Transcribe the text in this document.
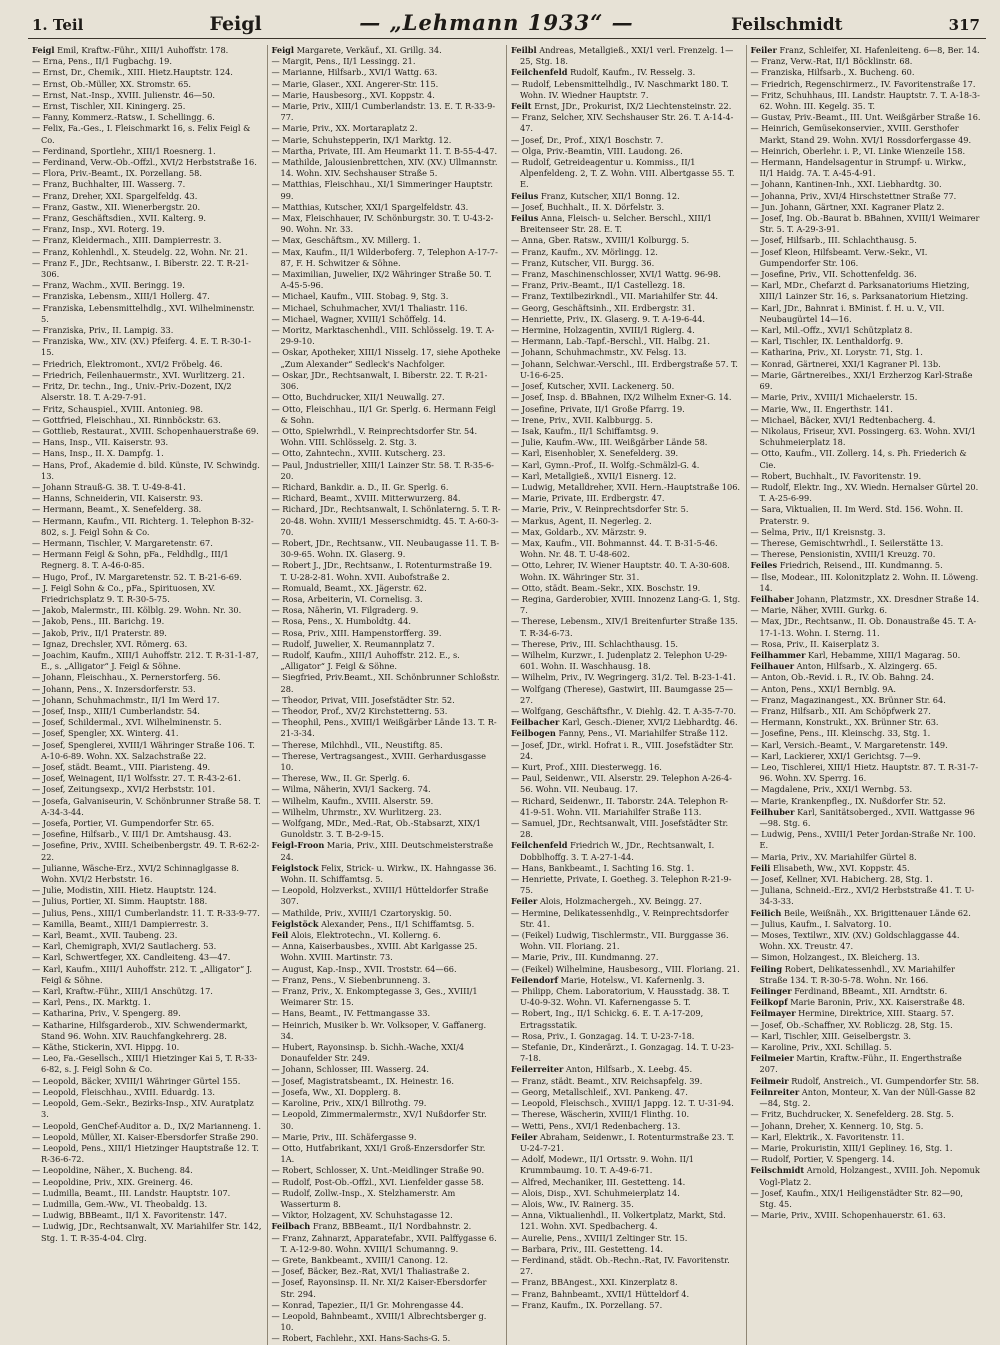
1. Teil	Feigl	— „Lehmann 1933“ —	Feilschmidt	317

Feigl Emil, Kraftw.-Führ., XIII/1 Auhoffstr. 178.

— Erna, Pens., II/1 Fugbachg. 19.

— Ernst, Dr., Chemik., XIII. Hietz.Hauptstr. 124.

— Ernst, Ob.-Müller, XX. Stromstr. 65.

— Ernst, Nat.-Insp., XVIII. Julienstr. 46—50.

— Ernst, Tischler, XII. Kiningerg. 25.

— Fanny, Kommerz.-Ratsw., I. Schellingg. 6.

— Felix, Fa.-Ges., I. Fleischmarkt 16, s. Felix Feigl & Co.

— Ferdinand, Sportlehr., XIII/1 Roesnerg. 1.

— Ferdinand, Verw.-Ob.-Offzl., XVI/2 Herbststraße 16.

— Flora, Priv.-Beamt., IX. Porzellang. 58.

— Franz, Buchhalter, III. Wasserg. 7.

— Franz, Dreher, XXI. Spargelfeldg. 43.

— Franz, Gastw., XII. Wienerbergstr. 20.

— Franz, Geschäftsdien., XVII. Kalterg. 9.

— Franz, Insp., XVI. Roterg. 19.

— Franz, Kleidermach., XIII. Dampierrestr. 3.

— Franz, Kohlenhdl., X. Steudelg. 22, Wohn. Nr. 21.

— Franz F., JDr., Rechtsanw., I. Biberstr. 22. T. R-21-306.

— Franz, Wachm., XVII. Beringg. 19.

— Franziska, Lebensm., XIII/1 Hollerg. 47.

— Franziska, Lebensmittelhdlg., XVI. Wilhelminenstr. 5.

— Franziska, Priv., II. Lampig. 33.

— Franziska, Ww., XIV. (XV.) Pfeiferg. 4. E. T. R-30-1-15.

— Friedrich, Elektromont., XVI/2 Fröbelg. 46.

— Friedrich, Feilenhauermstr., XVI. Wurlitzerg. 21.

— Fritz, Dr. techn., Ing., Univ.-Priv.-Dozent, IX/2 Alserstr. 18. T. A-29-7-91.

— Fritz, Schauspiel., XVIII. Antonieg. 98.

— Gottfried, Fleischhau., XI. Rinnböckstr. 63.

— Gottlieb, Restaurat., XVIII. Schopenhauerstraße 69.

— Hans, Insp., VII. Kaiserstr. 93.

— Hans, Insp., II. X. Dampfg. 1.

— Hans, Prof., Akademie d. bild. Künste, IV. Schwindg. 13.

— Johann Strauß-G. 38. T. U-49-8-41.

— Hanns, Schneiderin, VII. Kaiserstr. 93.

— Hermann, Beamt., X. Senefelderg. 38.

— Hermann, Kaufm., VII. Richterg. 1. Telephon B-32-802, s. J. Feigl Sohn & Co.

— Hermann, Tischler, V. Margaretenstr. 67.

— Hermann Feigl & Sohn, pFa., Feldhdlg., III/1 Regnerg. 8. T. A-46-0-85.

— Hugo, Prof., IV. Margaretenstr. 52. T. B-21-6-69.

— J. Feigl Sohn & Co., pFa., Spirituosen, XV. Friedrichsplatz 9. T. R-30-5-75.

— Jakob, Malermstr., III. Kölblg. 29. Wohn. Nr. 30.

— Jakob, Pens., III. Barichg. 19.

— Jakob, Priv., II/1 Praterstr. 89.

— Ignaz, Drechsler, XVI. Römerg. 63.

— Joachim, Kaufm., XIII/1 Auhoffstr. 212. T. R-31-1-87, E., s. „Alligator“ J. Feigl & Söhne.

— Johann, Fleischhau., X. Pernerstorferg. 56.

— Johann, Pens., X. Inzersdorferstr. 53.

— Johann, Schuhmachmstr., II/1 Im Werd 17.

— Josef, Insp., XIII/1 Cumberlandstr. 54.

— Josef, Schildermal., XVI. Wilhelminenstr. 5.

— Josef, Spengler, XX. Winterg. 41.

— Josef, Spenglerei, XVIII/1 Währinger Straße 106. T. A-10-6-89. Wohn. XX. Salzachstraße 22.

— Josef, städt. Beamt., VIII. Piaristeng. 49.

— Josef, Weinagent, II/1 Wolfsstr. 27. T. R-43-2-61.

— Josef, Zeitungsexp., XVI/2 Herbststr. 101.

— Josefa, Galvaniseurin, V. Schönbrunner Straße 58. T. A-34-3-44.

— Josefa, Portier, VI. Gumpendorfer Str. 65.

— Josefine, Hilfsarb., V. III/1 Dr. Amtshausg. 43.

— Josefine, Priv., XVIII. Scheibenbergstr. 49. T. R-62-2-22.

— Julianne, Wäsche-Erz., XVI/2 Schinnaglgasse 8. Wohn. XVI/2 Herbststr. 16.

— Julie, Modistin, XIII. Hietz. Hauptstr. 124.

— Julius, Portier, XI. Simm. Hauptstr. 188.

— Julius, Pens., XIII/1 Cumberlandstr. 11. T. R-33-9-77.

— Kamilla, Beamt., XIII/1 Dampierrestr. 3.

— Karl, Beamt., XVII. Taubeng. 23.

— Karl, Chemigraph, XVI/2 Sautlacherg. 53.

— Karl, Schwertfeger, XX. Candleiteng. 43—47.

— Karl, Kaufm., XIII/1 Auhoffstr. 212. T. „Alligator“ J. Feigl & Söhne.

— Karl, Kraftw.-Führ., XIII/1 Anschützg. 17.

— Karl, Pens., IX. Marktg. 1.

— Katharina, Priv., V. Spengerg. 89.

— Katharine, Hilfsgarderob., XIV. Schwendermarkt, Stand 96. Wohn. XIV. Rauchfangkehrerg. 28.

— Käthe, Stickerin, XVI. Hippg. 10.

— Leo, Fa.-Gesellsch., XIII/1 Hietzinger Kai 5, T. R-33-6-82, s. J. Feigl Sohn & Co.

— Leopold, Bäcker, XVIII/1 Währinger Gürtel 155.

— Leopold, Fleischhau., XVIII. Eduardg. 13.

— Leopold, Gem.-Sekr., Bezirks-Insp., XIV. Auratplatz 3.

— Leopold, GenChef-Auditor a. D., IX/2 Marianneng. 1.

— Leopold, Müller, XI. Kaiser-Ebersdorfer Straße 290.

— Leopold, Pens., XIII/1 Hietzinger Hauptstraße 12. T. R-36-6-72.

— Leopoldine, Näher., X. Bucheng. 84.

— Leopoldine, Priv., XIX. Greinerg. 46.

— Ludmilla, Beamt., III. Landstr. Hauptstr. 107.

— Ludmilla, Gem.-Ww., VI. Theobaldg. 13.

— Ludwig, BBBeamt., II/1 X. Favoritenstr. 147.

— Ludwig, JDr., Rechtsanwalt, XV. Mariahilfer Str. 142, Stg. 1. T. R-35-4-04. Clrg.

Feigl Margarete, Verkäuf., XI. Grillg. 34.

— Margit, Pens., II/1 Lessingg. 21.

— Marianne, Hilfsarb., XVI/1 Wattg. 63.

— Marie, Glaser., XXI. Angerer-Str. 115.

— Marie, Hausbesorg., XVI. Koppstr. 4.

— Marie, Priv., XIII/1 Cumberlandstr. 13. E. T. R-33-9-77.

— Marie, Priv., XX. Mortaraplatz 2.

— Marie, Schuhstepperin, IX/1 Marktg. 12.

— Martha, Private, III. Am Heumarkt 11. T. B-55-4-47.

— Mathilde, Jalousienbrettchen, XIV. (XV.) Ullmannstr. 14. Wohn. XIV. Sechshauser Straße 5.

— Matthias, Fleischhau., XI/1 Simmeringer Hauptstr. 99.

— Matthias, Kutscher, XXI/1 Spargelfeldstr. 43.

— Max, Fleischhauer, IV. Schönburgstr. 30. T. U-43-2-90. Wohn. Nr. 33.

— Max, Geschäftsm., XV. Millerg. 1.

— Max, Kaufm., II/1 Wilderboferg. 7, Telephon A-17-7-87, F. H. Schwitzer & Söhne.

— Maximilian, Juwelier, IX/2 Währinger Straße 50. T. A-45-5-96.

— Michael, Kaufm., VIII. Stobag. 9, Stg. 3.

— Michael, Schuhmacher, XVI/1 Thaliastr. 116.

— Michael, Wagner, XVIII/1 Schöffelg. 14.

— Moritz, Marktaschenhdl., VIII. Schlösselg. 19. T. A-29-9-10.

— Oskar, Apotheker, XIII/1 Nisselg. 17, siehe Apotheke „Zum Alexander“ Sedleck's Nachfolger.

— Oskar, JDr., Rechtsanwalt, I. Biberstr. 22. T. R-21-306.

— Otto, Buchdrucker, XII/1 Neuwallg. 27.

— Otto, Fleischhau., II/1 Gr. Sperlg. 6. Hermann Feigl & Sohn.

— Otto, Spielwrhdl., V. Reinprechtsdorfer Str. 54. Wohn. VIII. Schlösselg. 2. Stg. 3.

— Otto, Zahntechn., XVIII. Kutscherg. 23.

— Paul, Jndustrieller, XIII/1 Lainzer Str. 58. T. R-35-6-20.

— Richard, Bankdir. a. D., II. Gr. Sperlg. 6.

— Richard, Beamt., XVIII. Mitterwurzerg. 84.

— Richard, JDr., Rechtsanwalt, I. Schönlaterng. 5. T. R-20-48. Wohn. XVIII/1 Messerschmidtg. 45. T. A-60-3-70.

— Robert, JDr., Rechtsanw., VII. Neubaugasse 11. T. B-30-9-65. Wohn. IX. Glaserg. 9.

— Robert J., JDr., Rechtsanw., I. Rotenturmstraße 19. T. U-28-2-81. Wohn. XVII. Aubofstraße 2.

— Romuald, Beamt., XX. Jägerstr. 62.

— Rosa, Arbeiterin, VI. Cornelisg. 3.

— Rosa, Näherin, VI. Filgraderg. 9.

— Rosa, Pens., X. Humboldtg. 44.

— Rosa, Priv., XIII. Hampenstorfferg. 39.

— Rudolf, Juwelier, X. Reumannplatz 7.

— Rudolf, Kaufm., XIII/1 Auhoffstr. 212. E., s. „Alligator“ J. Feigl & Söhne.

— Siegfried, Priv.Beamt., XII. Schönbrunner Schloßstr. 28.

— Theodor, Privat, VIII. Josefstädter Str. 52.

— Theodor, Prof., XV/2 Kirchstetterng. 53.

— Theophil, Pens., XVIII/1 Weißgärber Lände 13. T. R-21-3-34.

— Therese, Milchhdl., VII., Neustiftg. 85.

— Therese, Vertragsangest., XVIII. Gerhardusgasse 10.

— Therese, Ww., II. Gr. Sperlg. 6.

— Wilma, Näherin, XVI/1 Sackerg. 74.

— Wilhelm, Kaufm., XVIII. Alserstr. 59.

— Wilhelm, Uhrmstr., XV. Wurlitzerg. 23.

— Wolfgang, MDr., Med.-Rat, Ob.-Stabsarzt, XIX/1 Gunoldstr. 3. T. B-2-9-15.

Feigl-Froon Maria, Priv., XIII. Deutschmeisterstraße 24.

Feiglstock Felix, Strick- u. Wirkw., IX. Hahngasse 36. Wohn. II. Schiffamtsg. 5.

— Leopold, Holzverkst., XVIII/1 Hütteldorfer Straße 307.

— Mathilde, Priv., XVIII/1 Czartoryskig. 50.

Feiglstöck Alexander, Pens., II/1 Schiffamtsg. 5.

Feil Alois, Elektrotechn., VI. Kollerng. 6.

— Anna, Kaiserbausbes., XVIII. Abt Karlgasse 25. Wohn. XVIII. Martinstr. 73.

— August, Kap.-Insp., XVII. Troststr. 64—66.

— Franz, Pens., V. Siebenbrunneng. 3.

— Franz, Priv., X. Enkomptegasse 3, Ges., XVIII/1 Weimarer Str. 15.

— Hans, Beamt., IV. Fettmangasse 33.

— Heinrich, Musiker b. Wr. Volksoper, V. Gaffanerg. 34.

— Hubert, Rayonsinsp. b. Sichh.-Wache, XXI/4 Donaufelder Str. 249.

— Johann, Schlosser, III. Wasserg. 24.

— Josef, Magistratsbeamt., IX. Heinestr. 16.

— Josefa, Ww., XI. Dopplerg. 8.

— Karoline, Priv., XIX/1 Billrothg. 79.

— Leopold, Zimmermalermstr., XV/1 Nußdorfer Str. 30.

— Marie, Priv., III. Schäfergasse 9.

— Otto, Hutfabrikant, XXI/1 Groß-Enzersdorfer Str. 1A.

— Robert, Schlosser, X. Unt.-Meidlinger Straße 90.

— Rudolf, Post-Ob.-Offzl., XVI. Lienfelder gasse 58.

— Rudolf, Zollw.-Insp., X. Stelzhamerstr. Am Wasserturm 8.

— Viktor, Holzagent, XV. Schuhstagasse 12.

Feilbach Franz, BBBeamt., II/1 Nordbahnstr. 2.

— Franz, Zahnarzt, Apparatefabr., XVII. Palffygasse 6. T. A-12-9-80. Wohn. XVIII/1 Schumanng. 9.

— Grete, Bankbeamt., XVIII/1 Canong. 12.

— Josef, Bäcker, Bez.-Rat, XVI/1 Thaliastraße 2.

— Josef, Rayonsinsp. II. Nr. XI/2 Kaiser-Ebersdorfer Str. 294.

— Konrad, Tapezier., II/1 Gr. Mohrengasse 44.

— Leopold, Bahnbeamt., XVIII/1 Albrechtsberger g. 10.

— Robert, Fachlehr., XXI. Hans-Sachs-G. 5.

Feilbl Andreas, Metallgieß., XXI/1 verl. Frenzelg. 1—25, Stg. 18.

Feilchenfeld Rudolf, Kaufm., IV. Resselg. 3.

— Rudolf, Lebensmittelhdlg., IV. Naschmarkt 180. T. Wohn. IV. Wiedner Hauptstr. 7.

Feilt Ernst, JDr., Prokurist, IX/2 Liechtensteinstr. 22.

— Franz, Selcher, XIV. Sechshauser Str. 26. T. A-14-4-47.

— Josef, Dr., Prof., XIX/1 Boschstr. 7.

— Olga, Priv.-Beamtin, VIII. Laudong. 26.

— Rudolf, Getreideagentur u. Kommiss., II/1 Alpenfeldeng. 2, T. Z. Wohn. VIII. Albertgasse 55. T. E.

Feilus Franz, Kutscher, XII/1 Bonng. 12.

— Josef, Buchhalt., II. X. Dörfelstr. 3.

Feilus Anna, Fleisch- u. Selcher. Berschl., XIII/1 Breitenseer Str. 28. E. T.

— Anna, Gber. Ratsw., XVIII/1 Kolburgg. 5.

— Franz, Kaufm., XV. Mörlingg. 12.

— Franz, Kutscher, VII. Burgg. 36.

— Franz, Maschinenschlosser, XVI/1 Wattg. 96-98.

— Franz, Priv.-Beamt., II/1 Castellezg. 18.

— Franz, Textilbezirkndl., VII. Mariahilfer Str. 44.

— Georg, Geschäftsinh., XII. Erdbergstr. 31.

— Henriette, Priv., IX. Glaserg. 9. T. A-19-6-44.

— Hermine, Holzagentin, XVIII/1 Riglerg. 4.

— Hermann, Lab.-Tapf.-Berschl., VII. Halbg. 21.

— Johann, Schuhmachmstr., XV. Felsg. 13.

— Johann, Selchwar.-Verschl., III. Erdbergstraße 57. T. U-16-6-25.

— Josef, Kutscher, XVII. Lackenerg. 50.

— Josef, Insp. d. BBahnen, IX/2 Wilhelm Exner-G. 14.

— Josefine, Private, II/1 Große Pfarrg. 19.

— Irene, Priv., XVII. Kalbburgg. 5.

— Isak, Kaufm., II/1 Schiffamtsg. 9.

— Julie, Kaufm.-Ww., III. Weißgärber Lände 58.

— Karl, Eisenhobler, X. Senefelderg. 39.

— Karl, Gymn.-Prof., II. Wolfg.-Schmälzl-G. 4.

— Karl, Metallgieß., XVII/1 Eisnerg. 12.

— Ludwig, Metalldreher, XVII. Hern.-Hauptstraße 106.

— Marie, Private, III. Erdbergstr. 47.

— Marie, Priv., V. Reinprechtsdorfer Str. 5.

— Markus, Agent, II. Negerleg. 2.

— Max, Goldarb., XV. Märzstr. 9.

— Max, Kaufm., VII. Bohmannst. 44. T. B-31-5-46. Wohn. Nr. 48. T. U-48-602.

— Otto, Lehrer, IV. Wiener Hauptstr. 40. T. A-30-608. Wohn. IX. Währinger Str. 31.

— Otto, städt. Beam.-Sekr., XIX. Boschstr. 19.

— Regina, Garderobier, XVIII. Innozenz Lang-G. 1, Stg. 7.

— Therese, Lebensm., XIV/1 Breitenfurter Straße 135. T. R-34-6-73.

— Therese, Priv., III. Schlachthausg. 15.

— Wilhelm, Kurzwr., I. Judenplatz 2. Telephon U-29-601. Wohn. II. Waschhausg. 18.

— Wilhelm, Priv., IV. Wegringerg. 31/2. Tel. B-23-1-41.

— Wolfgang (Therese), Gastwirt, III. Baumgasse 25—27.

— Wolfgang, Geschäftsfhr., V. Diehlg. 42. T. A-35-7-70.

Feilbacher Karl, Gesch.-Diener, XVI/2 Liebhardtg. 46.

Feilbogen Fanny, Pens., VI. Mariahilfer Straße 112.

— Josef, JDr., wirkl. Hofrat i. R., VIII. Josefstädter Str. 24.

— Kurt, Prof., XIII. Diesterwegg. 16.

— Paul, Seidenwr., VII. Alserstr. 29. Telephon A-26-4-56. Wohn. VII. Neubaug. 17.

— Richard, Seidenwr., II. Taborstr. 24A. Telephon R-41-9-51. Wohn. VII. Mariahilfer Straße 113.

— Samuel, JDr., Rechtsanwalt, VIII. Josefstädter Str. 28.

Feilchenfeld Friedrich W., JDr., Rechtsanwalt, I. Dobblhoffg. 3. T. A-27-1-44.

— Hans, Bankbeamt., I. Sachting 16. Stg. 1.

— Henriette, Private, I. Goetheg. 3. Telephon R-21-9-75.

Feiler Alois, Holzmachergeh., XV. Beingg. 27.

— Hermine, Delikatessenhdlg., V. Reinprechtsdorfer Str. 41.

— (Feikel) Ludwig, Tischlermstr., VII. Burggasse 36. Wohn. VII. Floriang. 21.

— Marie, Priv., III. Kundmanng. 27.

— (Feikel) Wilhelmine, Hausbesorg., VIII. Floriang. 21.

Feilendorf Marie, Hotelsw., VI. Kafernenlg. 3.

— Philipp, Chem. Laboratorium, V. Hausstadg. 38. T. U-40-9-32. Wohn. VI. Kafernengasse 5. T.

— Robert, Ing., II/1 Schickg. 6. E. T. A-17-209, Ertragsstatik.

— Rosa, Priv., I. Gonzagag. 14. T. U-23-7-18.

— Stefanie, Dr., Kinderärzt., I. Gonzagag. 14. T. U-23-7-18.

Feilerreiter Anton, Hilfsarb., X. Leebg. 45.

— Franz, städt. Beamt., XIV. Reichsapfelg. 39.

— Georg, Metallschleif., XVI. Pankeng. 47.

— Leopold, Fleischsch., XVIII/1 Jappg. 12. T. U-31-94.

— Therese, Wäscherin, XVIII/1 Flinthg. 10.

— Wetti, Pens., XVI/1 Redenbacherg. 13.

Feiler Abraham, Seidenwr., I. Rotenturmstraße 23. T. U-24-7-21.

— Adolf, Modewr., II/1 Ortsstr. 9. Wohn. II/1 Krummbaumg. 10. T. A-49-6-71.

— Alfred, Mechaniker, III. Gestetteng. 14.

— Alois, Disp., XVI. Schuhmeierplatz 14.

— Alois, Ww., IV. Rainerg. 35.

— Anna, Viktualienhdl., II. Volkertplatz, Markt, Std. 121. Wohn. XVI. Spedbacherg. 4.

— Aurelie, Pens., XVIII/1 Zeltinger Str. 15.

— Barbara, Priv., III. Gestetteng. 14.

— Ferdinand, städt. Ob.-Rechn.-Rat, IV. Favoritenstr. 27.

— Franz, BBAngest., XXI. Kinzerplatz 8.

— Franz, Bahnbeamt., XVII/1 Hütteldorf 4.

— Franz, Kaufm., IX. Porzellang. 57.

Feiler Franz, Schleifer, XI. Hafenleiteng. 6—8, Ber. 14.

— Franz, Verw.-Rat, II/1 Böcklinstr. 68.

— Franziska, Hilfsarb., X. Bucheng. 60.

— Friedrich, Regenschirmerz., IV. Favoritenstraße 17.

— Fritz, Schuhhaus, III. Landstr. Hauptstr. 7. T. A-18-3-62. Wohn. III. Kegelg. 35. T.

— Gustav, Priv.-Beamt., III. Unt. Weißgärber Straße 16.

— Heinrich, Gemüsekonservier., XVIII. Gersthofer Markt, Stand 29. Wohn. XVI/1 Rossdorfergasse 49.

— Heinrich, Oberlehr. i. P., VI. Linke Wienzeile 158.

— Hermann, Handelsagentur in Strumpf- u. Wirkw., II/1 Haidg. 7A. T. A-45-4-91.

— Johann, Kantinen-Inh., XXI. Liebhardtg. 30.

— Johanna, Priv., XVI/4 Hirschstettner Straße 77.

— Jun. Johann, Gärtner, XXI. Kagraner Platz 2.

— Josef, Ing. Ob.-Baurat b. BBahnen, XVIII/1 Weimarer Str. 5. T. A-29-3-91.

— Josef, Hilfsarb., III. Schlachthausg. 5.

— Josef Kleon, Hilfsbeamt. Verw.-Sekr., VI. Gumpendorfer Str. 106.

— Josefine, Priv., VII. Schottenfeldg. 36.

— Karl, MDr., Chefarzt d. Parksanatoriums Hietzing, XIII/1 Lainzer Str. 16, s. Parksanatorium Hietzing.

— Karl, JDr., Bahnrat i. BMinist. f. H. u. V., VII. Neubaugürtel 14—16.

— Karl, Mil.-Offz., XVI/1 Schützplatz 8.

— Karl, Tischler, IX. Lenthaldorfg. 9.

— Katharina, Priv., XI. Lorystr. 71, Stg. 1.

— Konrad, Gärtnerei, XXI/1 Kagraner Pl. 13b.

— Marie, Gärtnereibes., XXI/1 Erzherzog Karl-Straße 69.

— Marie, Priv., XVIII/1 Michaelerstr. 15.

— Marie, Ww., II. Engerthstr. 141.

— Michael, Bäcker, XVI/1 Redtenbacherg. 4.

— Nikolaus, Friseur, XVI. Possingerg. 63. Wohn. XVI/1 Schuhmeierplatz 18.

— Otto, Kaufm., VII. Zollerg. 14, s. Ph. Friederich & Cie.

— Robert, Buchhalt., IV. Favoritenstr. 19.

— Rudolf, Elektr. Ing., XV. Wiedn. Hernalser Gürtel 20. T. A-25-6-99.

— Sara, Viktualien, II. Im Werd. Std. 156. Wohn. II. Praterstr. 9.

— Selma, Priv., II/1 Kreisnstg. 3.

— Therese, Gemischtwrhdl., I. Seilerstätte 13.

— Therese, Pensionistin, XVIII/1 Kreuzg. 70.

Feiles Friedrich, Reisend., III. Kundmanng. 5.

— Ilse, Modear., III. Kolonitzplatz 2. Wohn. II. Löweng. 14.

Feilhaber Johann, Platzmstr., XX. Dresdner Straße 14.

— Marie, Näher, XVIII. Gurkg. 6.

— Max, JDr., Rechtsanw., II. Ob. Donaustraße 45. T. A-17-1-13. Wohn. I. Sterng. 11.

— Rosa, Priv., II. Kaiserplatz 3.

Feilhammer Karl, Hebamme, XIII/1 Magarag. 50.

Feilhauer Anton, Hilfsarb., X. Alzingerg. 65.

— Anton, Ob.-Revid. i. R., IV. Ob. Bahng. 24.

— Anton, Pens., XXI/1 Bernblg. 9A.

— Franz, Magazinangest., XX. Brünner Str. 64.

— Franz, Hilfsarb., XII. Am Schöpfwerk 27.

— Hermann, Konstrukt., XX. Brünner Str. 63.

— Josefine, Pens., III. Kleinschg. 33, Stg. 1.

— Karl, Versich.-Beamt., V. Margaretenstr. 149.

— Karl, Lackierer, XXI/1 Gerichtsg. 7—9.

— Leo, Tischlerei, XIII/1 Hietz. Hauptstr. 87. T. R-31-7-96. Wohn. XV. Sperrg. 16.

— Magdalene, Priv., XXI/1 Wernbg. 53.

— Marie, Krankenpfleg., IX. Nußdorfer Str. 52.

Feilhuber Karl, Sanitätsoberged., XVII. Wattgasse 96—98. Stg. 6.

— Ludwig, Pens., XVIII/1 Peter Jordan-Straße Nr. 100. E.

— Maria, Priv., XV. Mariahilfer Gürtel 8.

Feili Elisabeth, Ww., XVI. Koppstr. 45.

— Josef, Kellner, XVI. Habicherg. 28, Stg. 1.

— Juliana, Schneid.-Erz., XVI/2 Herbststraße 41. T. U-34-3-33.

Feilich Beile, Weißnäh., XX. Brigittenauer Lände 62.

— Julius, Kaufm., I. Salvatorg. 10.

— Moses, Textilwr., XIV. (XV.) Goldschlaggasse 44. Wohn. XX. Treustr. 47.

— Simon, Holzangest., IX. Bleicherg. 13.

Feiling Robert, Delikatessenhdl., XV. Mariahilfer Straße 134. T. R-30-5-78. Wohn. Nr. 166.

Feilinger Ferdinand, BBeamt., XII. Arndtstr. 6.

Feilkopf Marie Baronin, Priv., XX. Kaiserstraße 48.

Feilmayer Hermine, Direktrice, XIII. Staarg. 57.

— Josef, Ob.-Schaffner, XV. Robliczg. 28, Stg. 15.

— Karl, Tischler, XIII. Geiselbergstr. 3.

— Karoline, Priv., XXI. Schillag. 5.

Feilmeier Martin, Kraftw.-Führ., II. Engerthstraße 207.

Feilmeir Rudolf, Anstreich., VI. Gumpendorfer Str. 58.

Feilnreiter Anton, Monteur, X. Van der Nüll-Gasse 82—84, Stg. 2.

— Fritz, Buchdrucker, X. Senefelderg. 28. Stg. 5.

— Johann, Dreher, X. Kennerg. 10, Stg. 5.

— Karl, Elektrik., X. Favoritenstr. 11.

— Marie, Prokuristin, XIII/1 Gepliney. 16, Stg. 1.

— Rudolf, Portier, V. Spengerg. 14.

Feilschmidt Arnold, Holzangest., XVIII. Joh. Nepomuk Vogl-Platz 2.

— Josef, Kaufm., XIX/1 Heiligenstädter Str. 82—90, Stg. 45.

— Marie, Priv., XVIII. Schopenhauerstr. 61. 63.
